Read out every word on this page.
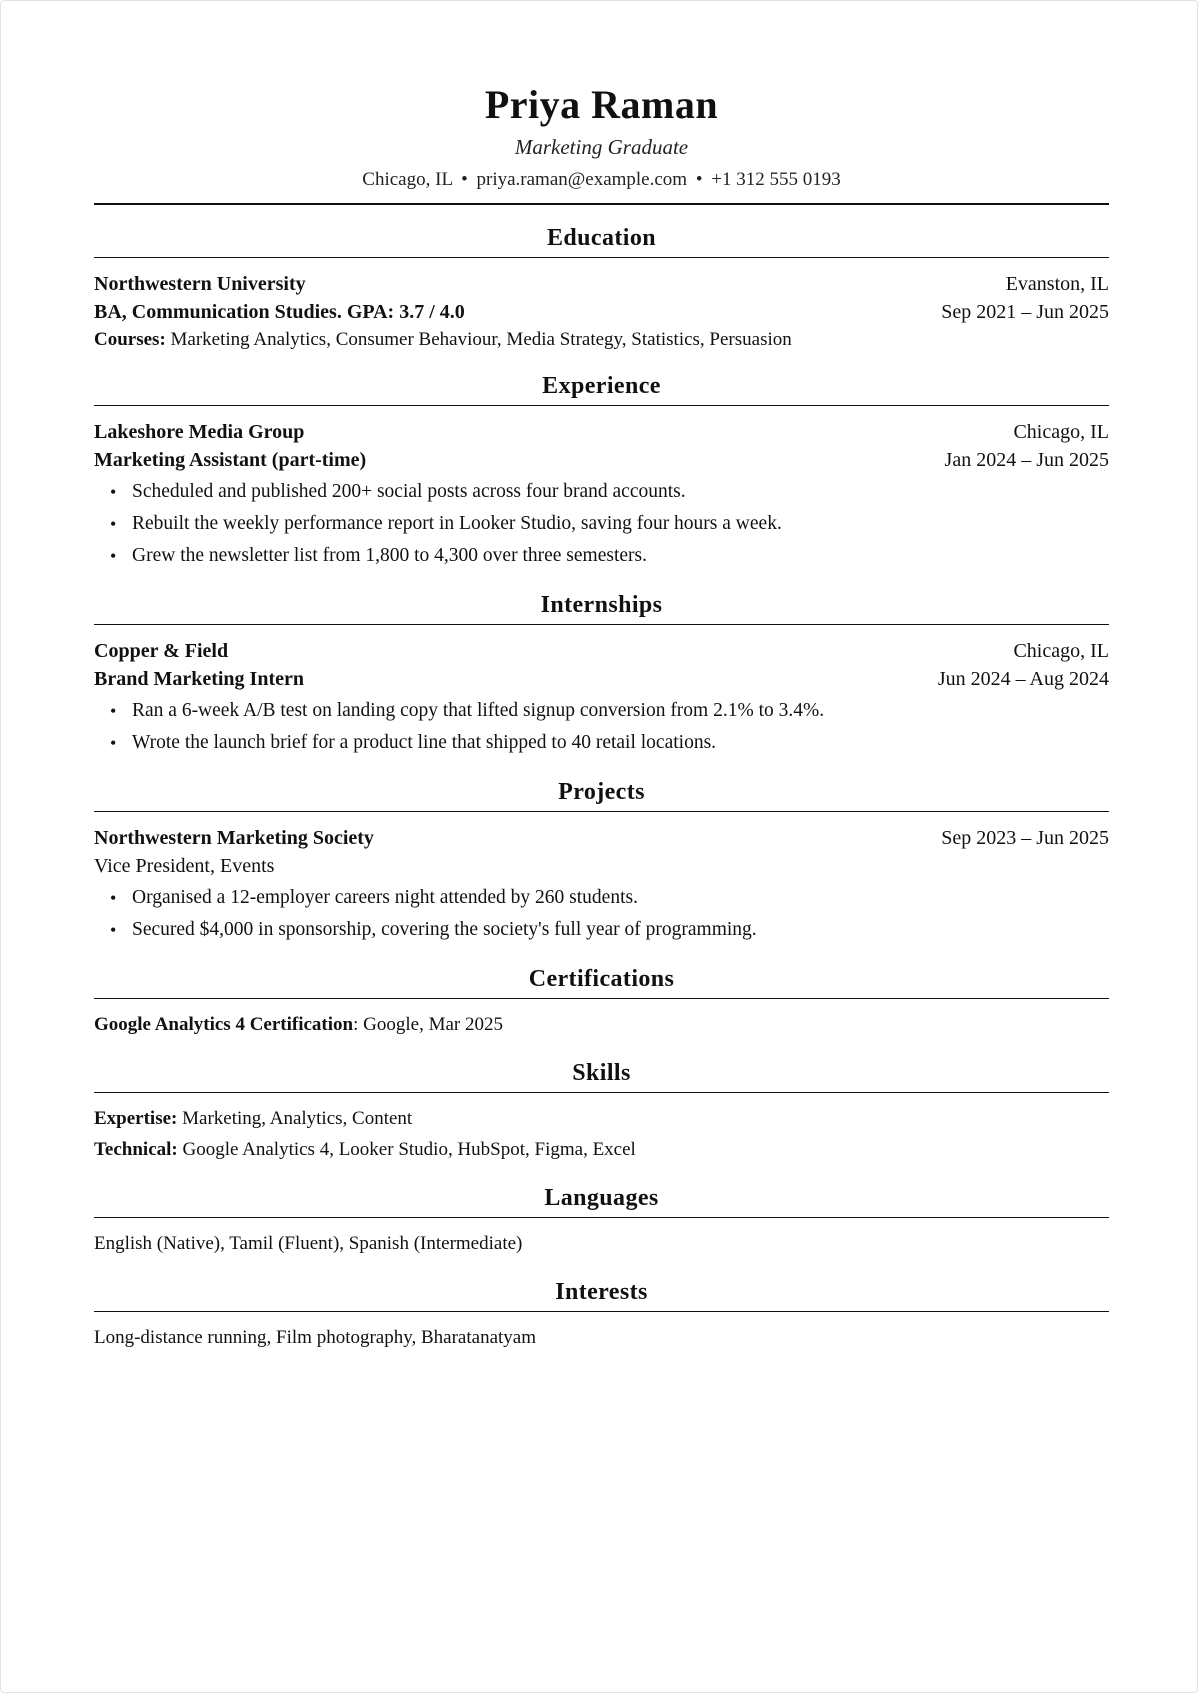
Priya Raman
Marketing Graduate
Chicago, IL • priya.raman@example.com • +1 312 555 0193
Education
Northwestern University	Evanston, IL
BA, Communication Studies. GPA: 3.7 / 4.0	Sep 2021 – Jun 2025
Courses: Marketing Analytics, Consumer Behaviour, Media Strategy, Statistics, Persuasion
Experience
Lakeshore Media Group	Chicago, IL
Marketing Assistant (part-time)	Jan 2024 – Jun 2025
• Scheduled and published 200+ social posts across four brand accounts.
• Rebuilt the weekly performance report in Looker Studio, saving four hours a week.
• Grew the newsletter list from 1,800 to 4,300 over three semesters.
Internships
Copper & Field	Chicago, IL
Brand Marketing Intern	Jun 2024 – Aug 2024
• Ran a 6-week A/B test on landing copy that lifted signup conversion from 2.1% to 3.4%.
• Wrote the launch brief for a product line that shipped to 40 retail locations.
Projects
Northwestern Marketing Society	Sep 2023 – Jun 2025
Vice President, Events
• Organised a 12-employer careers night attended by 260 students.
• Secured $4,000 in sponsorship, covering the society's full year of programming.
Certifications
Google Analytics 4 Certification: Google, Mar 2025
Skills
Expertise: Marketing, Analytics, Content
Technical: Google Analytics 4, Looker Studio, HubSpot, Figma, Excel
Languages
English (Native), Tamil (Fluent), Spanish (Intermediate)
Interests
Long-distance running, Film photography, Bharatanatyam
